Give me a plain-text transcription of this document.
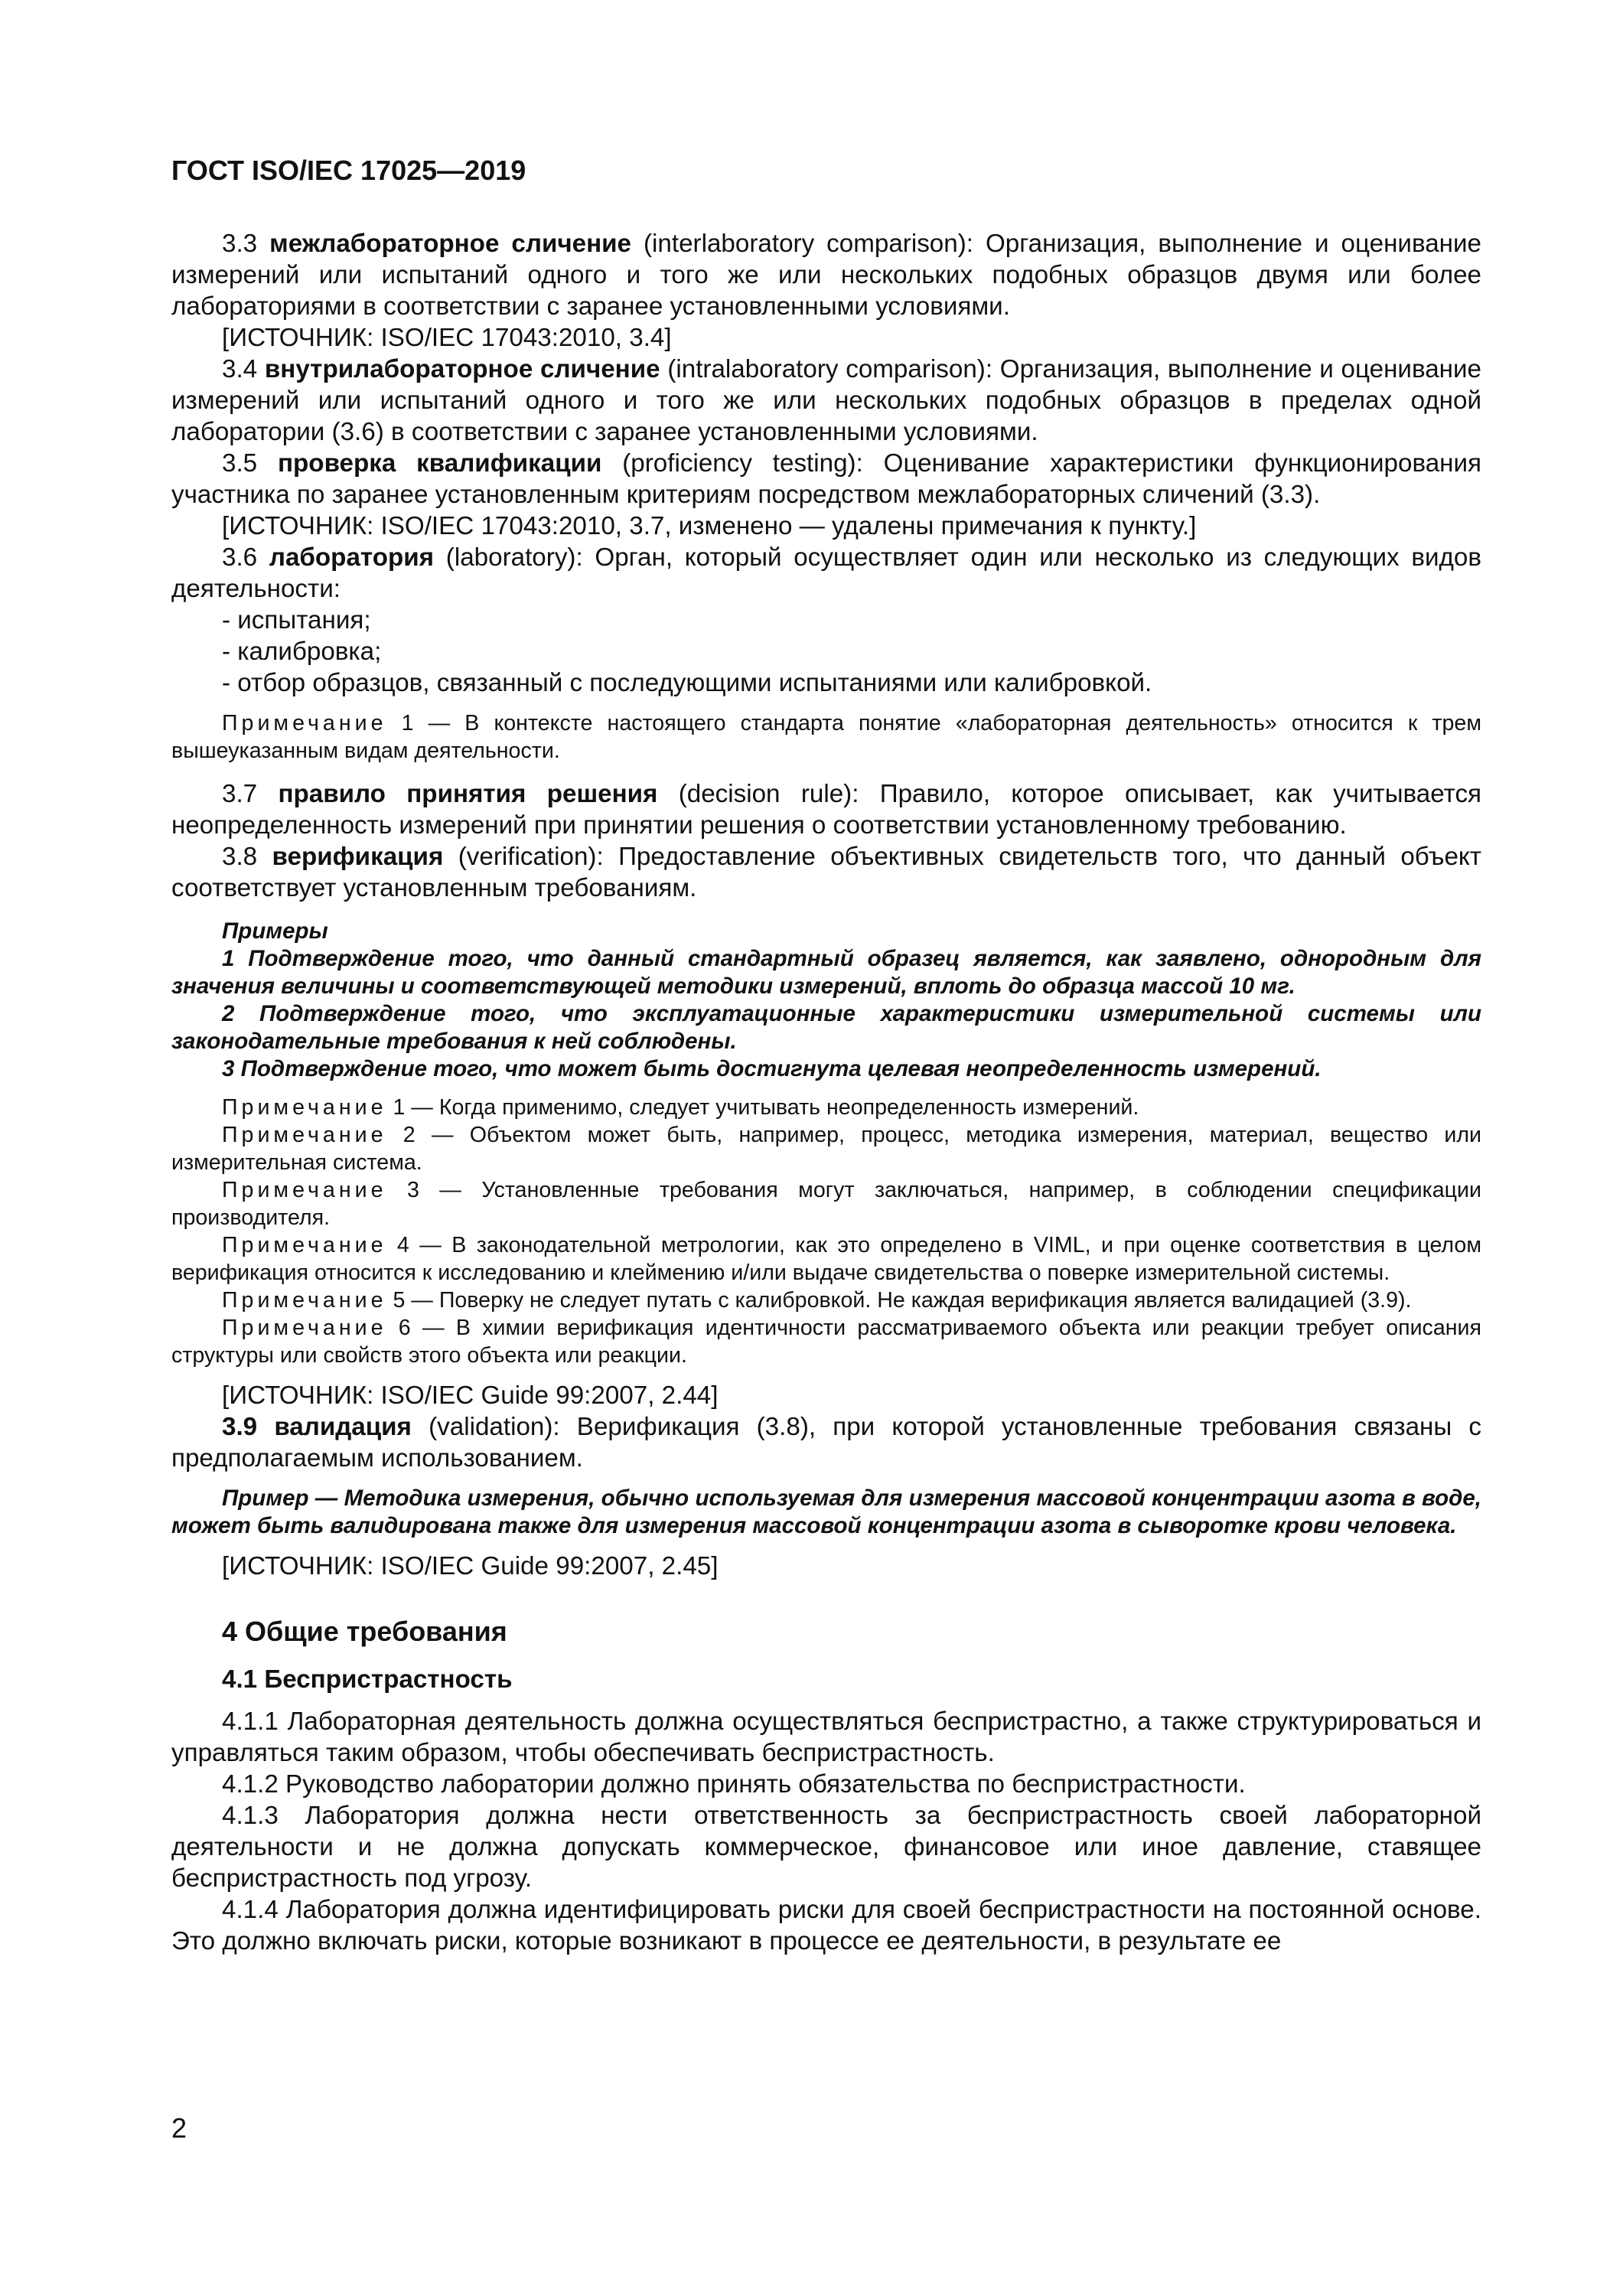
ГОСТ ISO/IEC 17025—2019

3.3 межлабораторное сличение (interlaboratory comparison): Организация, выполнение и оценивание измерений или испытаний одного и того же или нескольких подобных образцов двумя или более лабораториями в соответствии с заранее установленными условиями.

[ИСТОЧНИК: ISO/IEC 17043:2010, 3.4]

3.4 внутрилабораторное сличение (intralaboratory comparison): Организация, выполнение и оценивание измерений или испытаний одного и того же или нескольких подобных образцов в пределах одной лаборатории (3.6) в соответствии с заранее установленными условиями.

3.5 проверка квалификации (proficiency testing): Оценивание характеристики функционирования участника по заранее установленным критериям посредством межлабораторных сличений (3.3).

[ИСТОЧНИК: ISO/IEC 17043:2010, 3.7, изменено — удалены примечания к пункту.]

3.6 лаборатория (laboratory): Орган, который осуществляет один или несколько из следующих видов деятельности:

- испытания;

- калибровка;

- отбор образцов, связанный с последующими испытаниями или калибровкой.

Примечание 1 — В контексте настоящего стандарта понятие «лабораторная деятельность» относится к трем вышеуказанным видам деятельности.

3.7 правило принятия решения (decision rule): Правило, которое описывает, как учитывается неопределенность измерений при принятии решения о соответствии установленному требованию.

3.8 верификация (verification): Предоставление объективных свидетельств того, что данный объект соответствует установленным требованиям.

Примеры

1 Подтверждение того, что данный стандартный образец является, как заявлено, однородным для значения величины и соответствующей методики измерений, вплоть до образца массой 10 мг.

2 Подтверждение того, что эксплуатационные характеристики измерительной системы или законодательные требования к ней соблюдены.

3 Подтверждение того, что может быть достигнута целевая неопределенность измерений.

Примечание 1 — Когда применимо, следует учитывать неопределенность измерений.

Примечание 2 — Объектом может быть, например, процесс, методика измерения, материал, вещество или измерительная система.

Примечание 3 — Установленные требования могут заключаться, например, в соблюдении спецификации производителя.

Примечание 4 — В законодательной метрологии, как это определено в VIML, и при оценке соответствия в целом верификация относится к исследованию и клеймению и/или выдаче свидетельства о поверке измерительной системы.

Примечание 5 — Поверку не следует путать с калибровкой. Не каждая верификация является валидацией (3.9).

Примечание 6 — В химии верификация идентичности рассматриваемого объекта или реакции требует описания структуры или свойств этого объекта или реакции.

[ИСТОЧНИК: ISO/IEC Guide 99:2007, 2.44]

3.9 валидация (validation): Верификация (3.8), при которой установленные требования связаны с предполагаемым использованием.

Пример — Методика измерения, обычно используемая для измерения массовой концентрации азота в воде, может быть валидирована также для измерения массовой концентрации азота в сыворотке крови человека.

[ИСТОЧНИК: ISO/IEC Guide 99:2007, 2.45]

4 Общие требования
4.1 Беспристрастность

4.1.1 Лабораторная деятельность должна осуществляться беспристрастно, а также структурироваться и управляться таким образом, чтобы обеспечивать беспристрастность.

4.1.2 Руководство лаборатории должно принять обязательства по беспристрастности.

4.1.3 Лаборатория должна нести ответственность за беспристрастность своей лабораторной деятельности и не должна допускать коммерческое, финансовое или иное давление, ставящее беспристрастность под угрозу.

4.1.4 Лаборатория должна идентифицировать риски для своей беспристрастности на постоянной основе. Это должно включать риски, которые возникают в процессе ее деятельности, в результате ее

2
